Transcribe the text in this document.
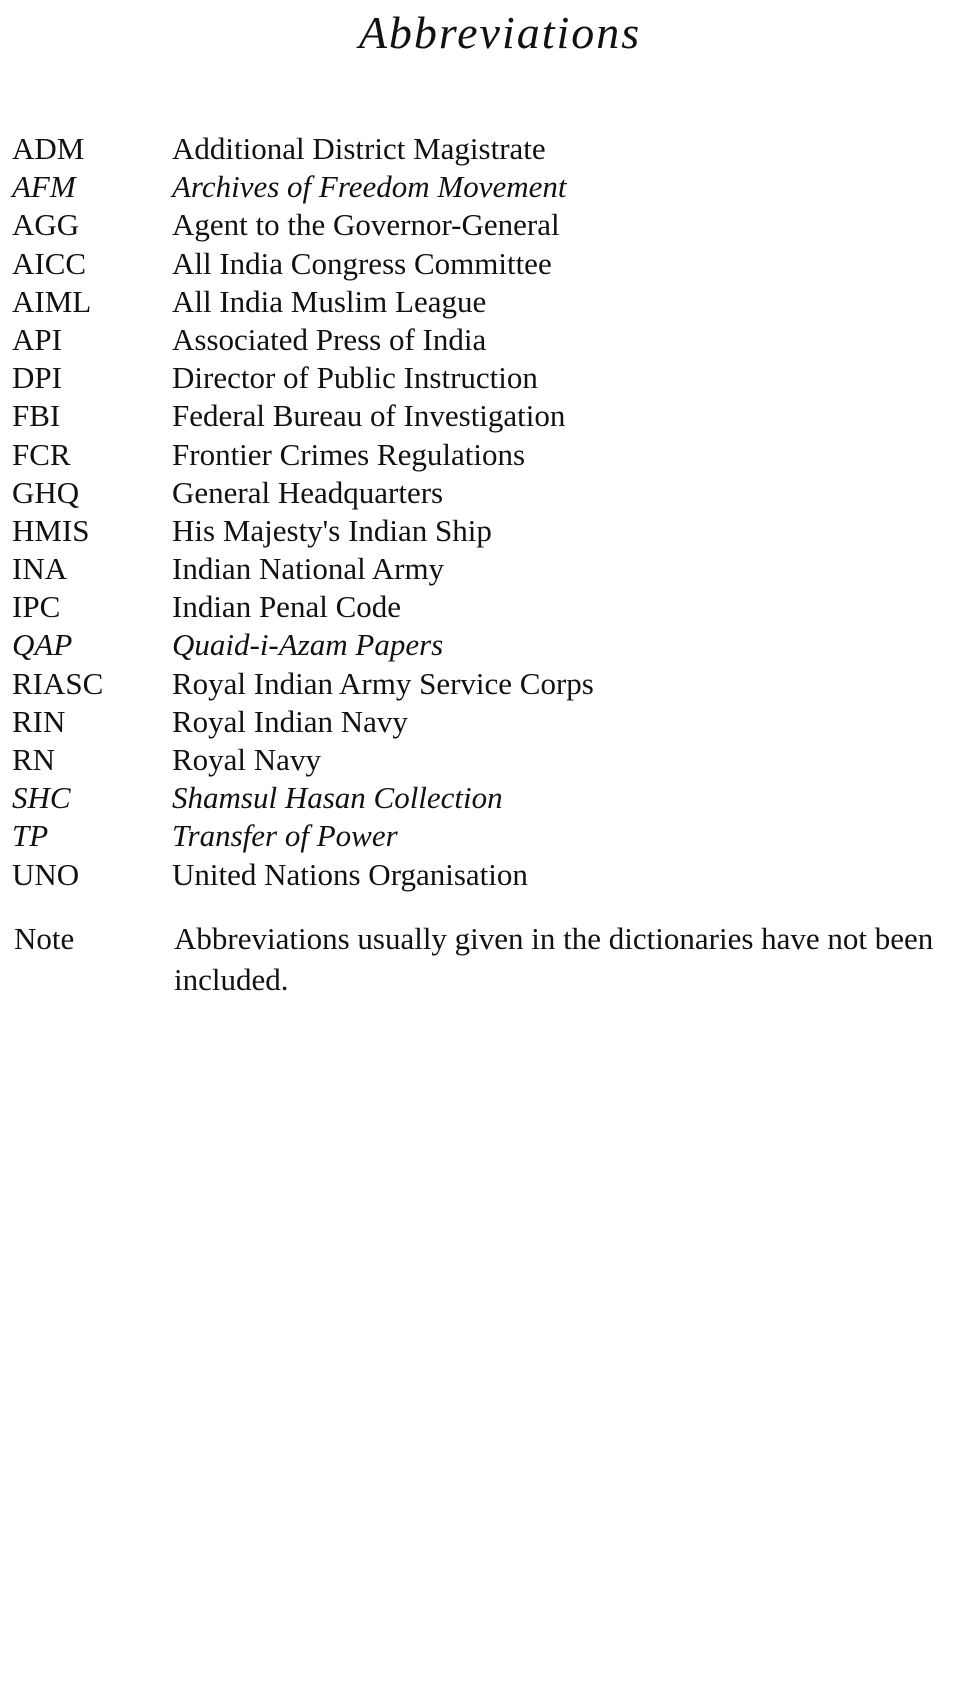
Abbreviations
ADM	Additional District Magistrate
AFM	Archives of Freedom Movement
AGG	Agent to the Governor-General
AICC	All India Congress Committee
AIML	All India Muslim League
API	Associated Press of India
DPI	Director of Public Instruction
FBI	Federal Bureau of Investigation
FCR	Frontier Crimes Regulations
GHQ	General Headquarters
HMIS	His Majesty's Indian Ship
INA	Indian National Army
IPC	Indian Penal Code
QAP	Quaid-i-Azam Papers
RIASC Royal Indian Army Service Corps
RIN	Royal Indian Navy
RN	Royal Navy
SHC	Shamsul Hasan Collection
TP	Transfer of Power
UNO	United Nations Organisation
Note	Abbreviations usually given in the dictionaries have not been included.
